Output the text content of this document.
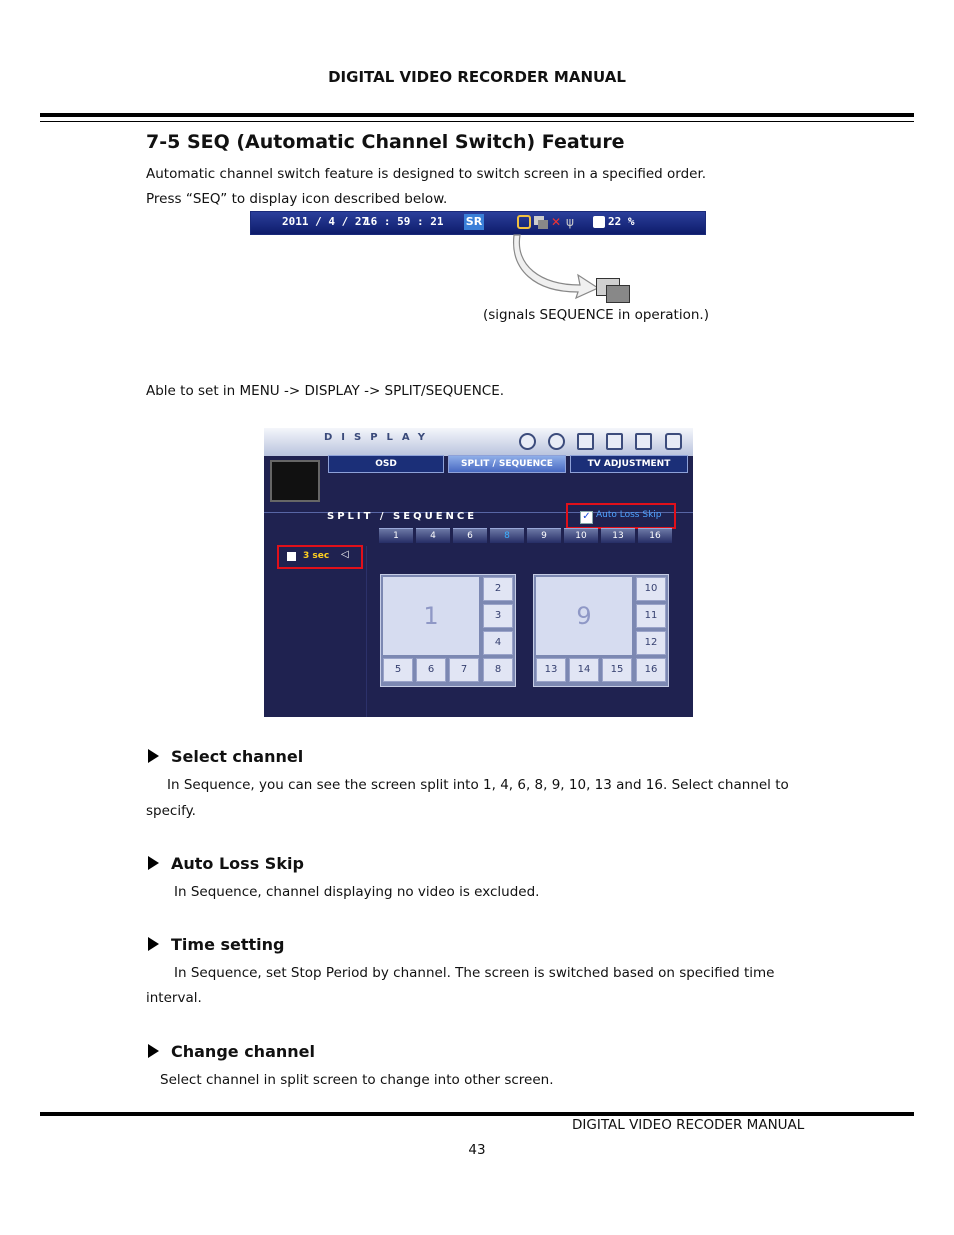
DIGITAL VIDEO RECORDER MANUAL
7-5 SEQ (Automatic Channel Switch) Feature
Automatic channel switch feature is designed to switch screen in a specified order.
Press “SEQ” to display icon described below.
2011 / 4 / 27
16 : 59 : 21 SR	✕ ψ	22 %
(signals SEQUENCE in operation.)
Able to set in MENU -> DISPLAY -> SPLIT/SEQUENCE.
DISPLAY
OSD	SPLIT / SEQUENCE	TV ADJUSTMENT
SPLIT / SEQUENCE	✓ Auto Loss Skip
1	4	6	8	9	10	13	16
3 sec ◁
1
2
3
4
5	6	7	8
9
10
11
12
13	14	15	16
Select channel
In Sequence, you can see the screen split into 1, 4, 6, 8, 9, 10, 13 and 16. Select channel to
specify.
Auto Loss Skip
In Sequence, channel displaying no video is excluded.
Time setting
In Sequence, set Stop Period by channel. The screen is switched based on specified time
interval.
Change channel
Select channel in split screen to change into other screen.
DIGITAL VIDEO RECODER MANUAL
43
